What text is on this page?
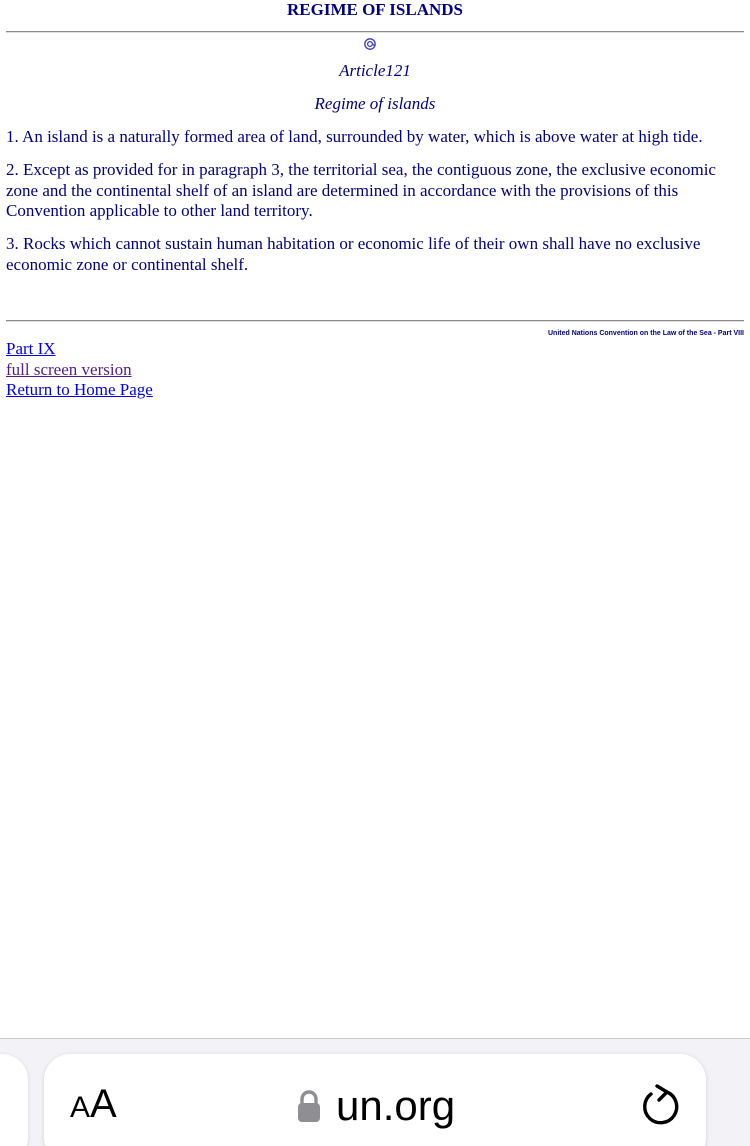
REGIME OF ISLANDS
Article121
Regime of islands

1. An island is a naturally formed area of land, surrounded by water, which is above water at high tide.

2. Except as provided for in paragraph 3, the territorial sea, the contiguous zone, the exclusive economic zone and the continental shelf of an island are determined in accordance with the provisions of this Convention applicable to other land territory.

3. Rocks which cannot sustain human habitation or economic life of their own shall have no exclusive economic zone or continental shelf.

United Nations Convention on the Law of the Sea - Part VIII
Part IX
full screen version
Return to Home Page
AA	un.org
